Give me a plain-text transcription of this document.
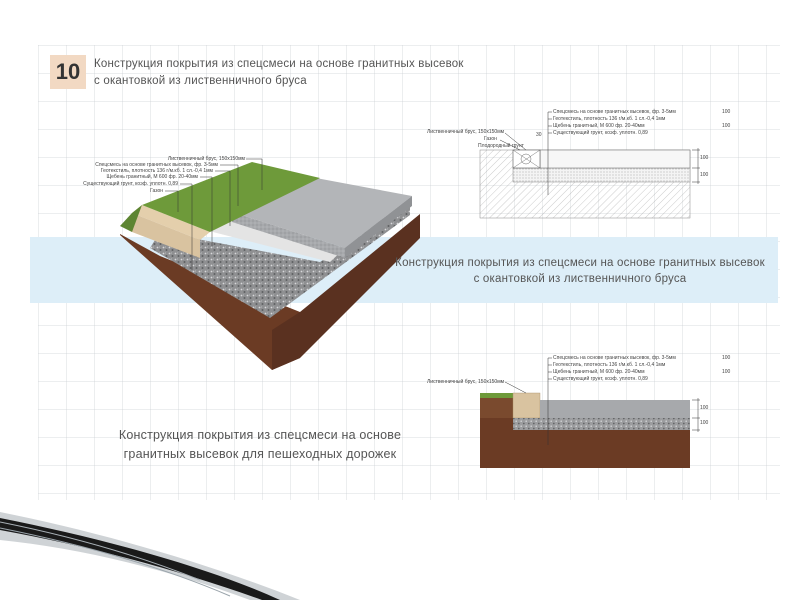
10	Конструкция покрытия из спецсмеси на основе гранитных высевок
с окантовкой из лиственничного бруса
Лиственничный брус, 150х150мм
Спецсмесь на основе гранитных высевок, фр. 3-5мм
Геотекстиль, плотность 136 г/м.кб. 1 сл.-0,4 1мм
Щебень гранитный, М 600 фр. 20-40мм
Существующий грунт, коэф. уплотн. 0,89
Газон
Спецсмесь на основе гранитных высевок, фр. 3-5мм
Геотекстиль, плотность 136 г/м.кб. 1 сл.-0,4 1мм
Щебень гранитный, М 600 фр. 20-40мм
Существующий грунт, коэф. уплотн. 0,89
100
100
Лиственничный брус, 150х150мм
Газон
Плодородный грунт
30
100
100
Конструкция покрытия из спецсмеси на основе гранитных высевок
с окантовкой из лиственничного бруса
Спецсмесь на основе гранитных высевок, фр. 3-5мм
Геотекстиль, плотность 136 г/м.кб. 1 сл.-0,4 1мм
Щебень гранитный, М 600 фр. 20-40мм
Существующий грунт, коэф. уплотн. 0,89
100
100
Лиственничный брус, 150х150мм
100
100
Конструкция покрытия из спецсмеси на основе
гранитных высевок для пешеходных дорожек
